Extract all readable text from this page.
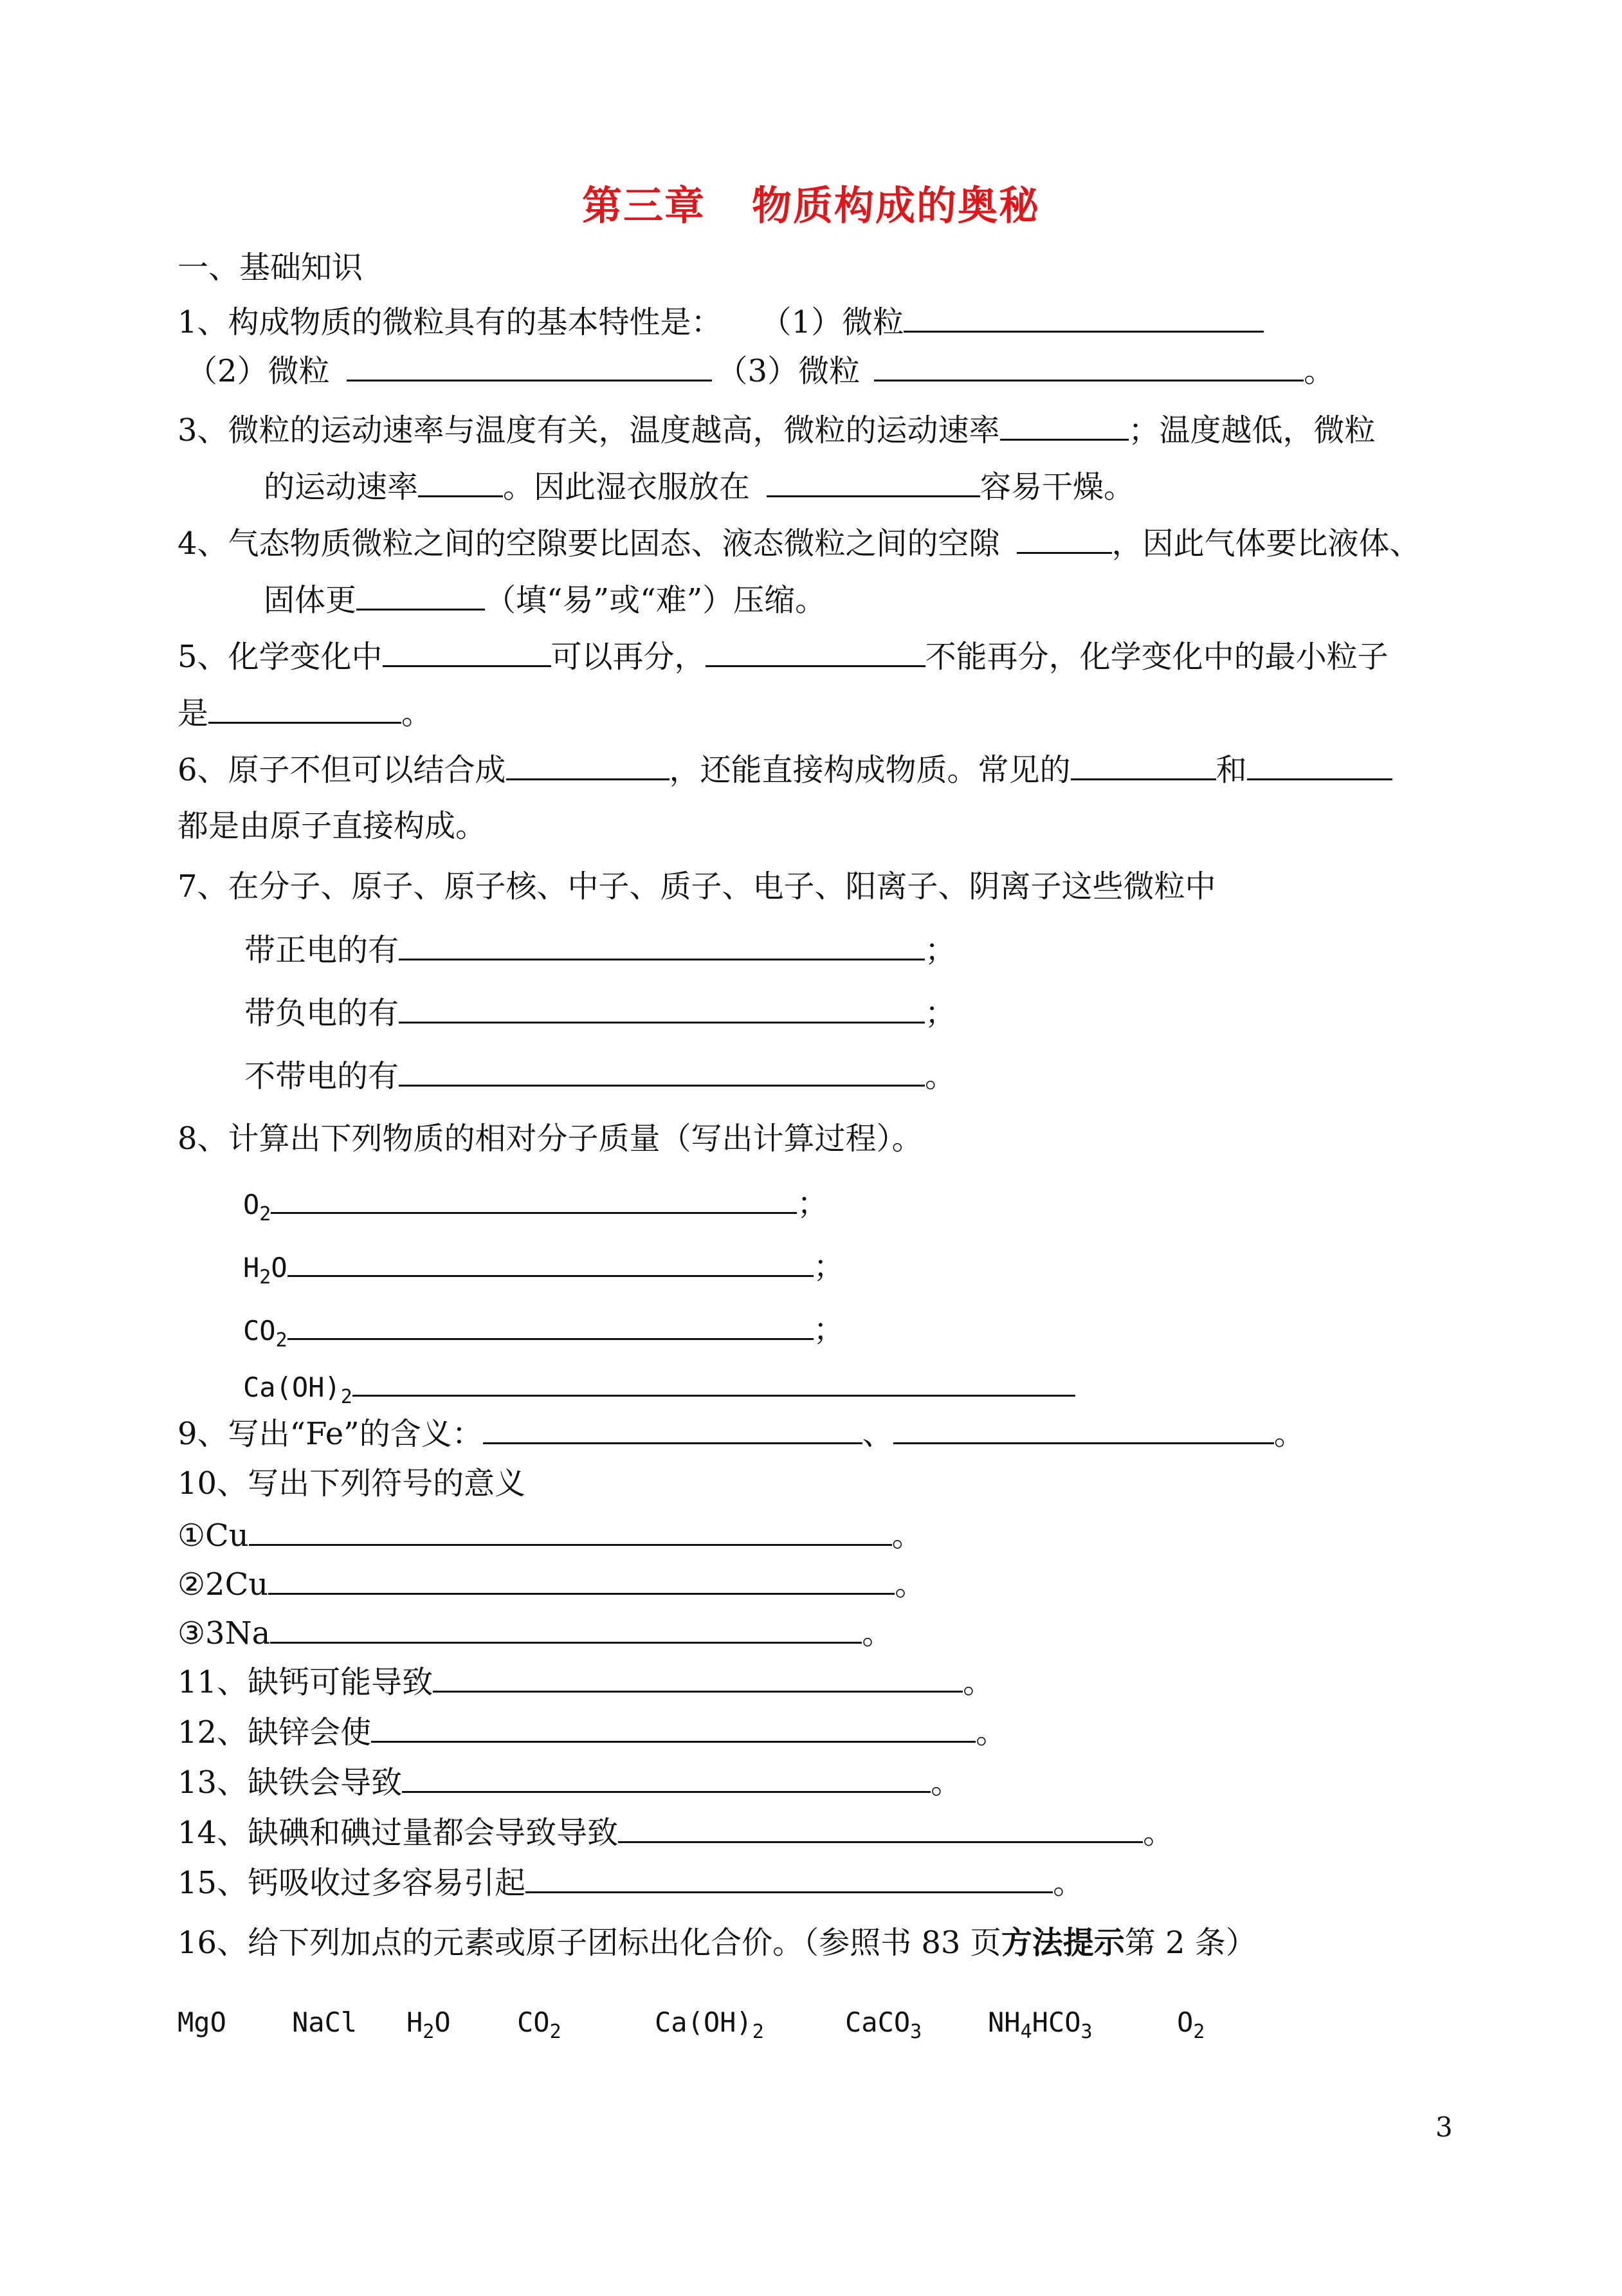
第三章 物质构成的奥秘
一、基础知识
1、构成物质的微粒具有的基本特性是： （1）微粒
（2）微粒	（3）微粒	。
3、微粒的运动速率与温度有关，温度越高，微粒的运动速率	；温度越低，微粒
的运动速率	。因此湿衣服放在	容易干燥。
4、气态物质微粒之间的空隙要比固态、液态微粒之间的空隙	，因此气体要比液体、
固体更	（填“易”或“难”）压缩。
5、化学变化中	可以再分，	不能再分，化学变化中的最小粒子
是	。
6、原子不但可以结合成	，还能直接构成物质。常见的	和
都是由原子直接构成。
7、在分子、原子、原子核、中子、质子、电子、阳离子、阴离子这些微粒中
带正电的有	；
带负电的有	；
不带电的有	。
8、计算出下列物质的相对分子质量（写出计算过程）。
$O_2$	；
$H_2O$	；
$CO_2$	；
$Ca(OH)_2$
9、写出“Fe”的含义：	、	。
10、写出下列符号的意义
①Cu	。
②2Cu	。
③3Na	。
11、缺钙可能导致	。
12、缺锌会使	。
13、缺铁会导致	。
14、缺碘和碘过量都会导致导致	。
15、钙吸收过多容易引起	。
16、给下列加点的元素或原子团标出化合价。（参照书 83 页方法提示第 2 条）
MgO NaCl $H_2O$ $CO_2$	$Ca(OH)_2$	CaCO$_3$ $NH_4HCO_3$	$O_2$
3
